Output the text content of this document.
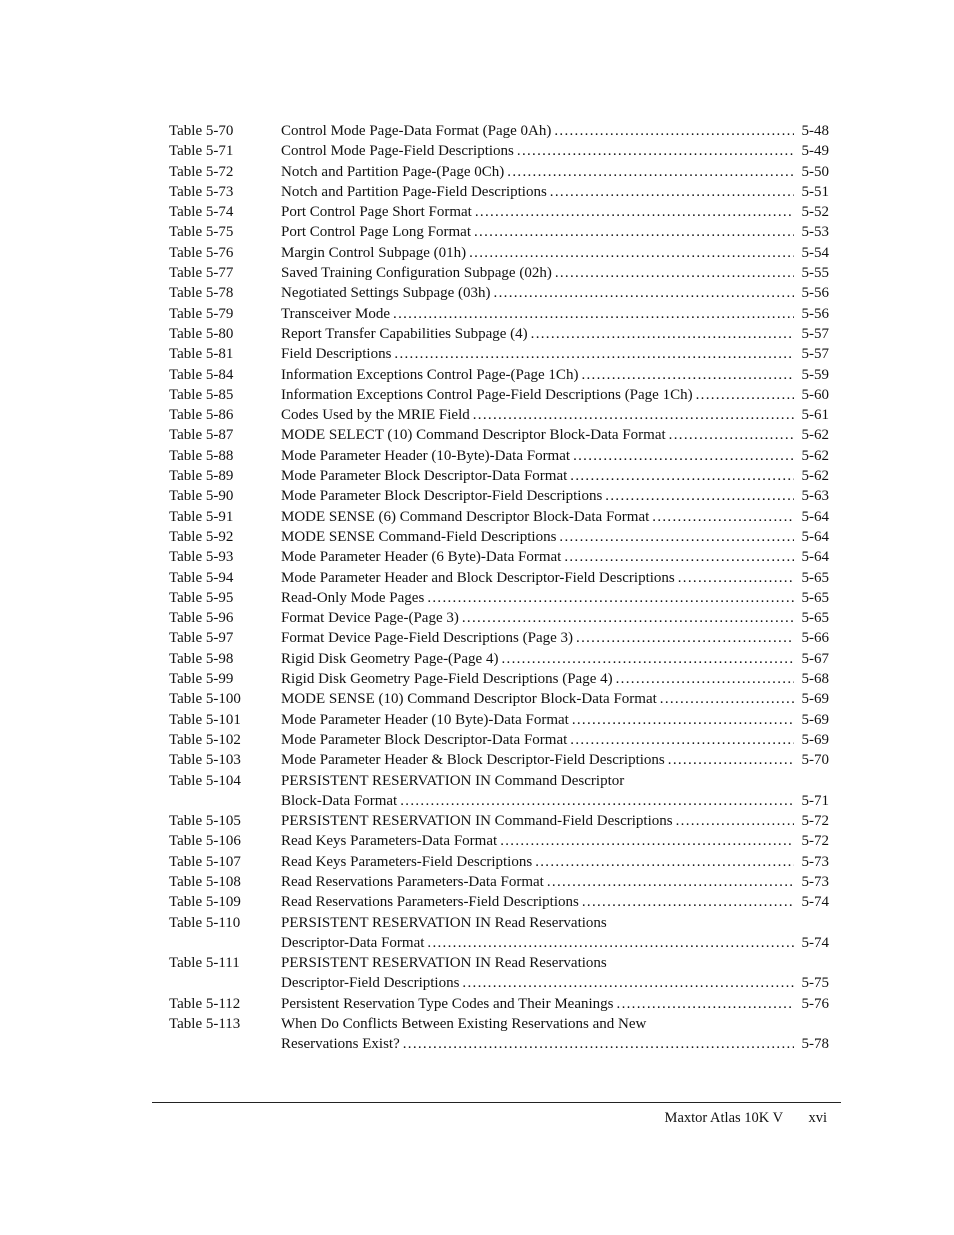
Table 5-70	Control Mode Page-Data Format (Page 0Ah) .....	5-48
Table 5-71	Control Mode Page-Field Descriptions .....	5-49
Table 5-72	Notch and Partition Page-(Page 0Ch) .....	5-50
Table 5-73	Notch and Partition Page-Field Descriptions .....	5-51
Table 5-74	Port Control Page Short Format .....	5-52
Table 5-75	Port Control Page Long Format .....	5-53
Table 5-76	Margin Control Subpage (01h) .....	5-54
Table 5-77	Saved Training Configuration Subpage (02h) .....	5-55
Table 5-78	Negotiated Settings Subpage (03h) .....	5-56
Table 5-79	Transceiver Mode .....	5-56
Table 5-80	Report Transfer Capabilities Subpage (4) .....	5-57
Table 5-81	Field Descriptions .....	5-57
Table 5-84	Information Exceptions Control Page-(Page 1Ch) .....	5-59
Table 5-85	Information Exceptions Control Page-Field Descriptions (Page 1Ch) .....	5-60
Table 5-86	Codes Used by the MRIE Field .....	5-61
Table 5-87	MODE SELECT (10) Command Descriptor Block-Data Format .....	5-62
Table 5-88	Mode Parameter Header (10-Byte)-Data Format .....	5-62
Table 5-89	Mode Parameter Block Descriptor-Data Format .....	5-62
Table 5-90	Mode Parameter Block Descriptor-Field Descriptions .....	5-63
Table 5-91	MODE SENSE (6) Command Descriptor Block-Data Format .....	5-64
Table 5-92	MODE SENSE Command-Field Descriptions .....	5-64
Table 5-93	Mode Parameter Header (6 Byte)-Data Format .....	5-64
Table 5-94	Mode Parameter Header and Block Descriptor-Field Descriptions .....	5-65
Table 5-95	Read-Only Mode Pages .....	5-65
Table 5-96	Format Device Page-(Page 3) .....	5-65
Table 5-97	Format Device Page-Field Descriptions (Page 3) .....	5-66
Table 5-98	Rigid Disk Geometry Page-(Page 4) .....	5-67
Table 5-99	Rigid Disk Geometry Page-Field Descriptions (Page 4) .....	5-68
Table 5-100	MODE SENSE (10) Command Descriptor Block-Data Format .....	5-69
Table 5-101	Mode Parameter Header (10 Byte)-Data Format .....	5-69
Table 5-102	Mode Parameter Block Descriptor-Data Format .....	5-69
Table 5-103	Mode Parameter Header & Block Descriptor-Field Descriptions .....	5-70
Table 5-104	PERSISTENT RESERVATION IN Command Descriptor
Block-Data Format .....	5-71
Table 5-105	PERSISTENT RESERVATION IN Command-Field Descriptions .....	5-72
Table 5-106	Read Keys Parameters-Data Format .....	5-72
Table 5-107	Read Keys Parameters-Field Descriptions .....	5-73
Table 5-108	Read Reservations Parameters-Data Format .....	5-73
Table 5-109	Read Reservations Parameters-Field Descriptions .....	5-74
Table 5-110	PERSISTENT RESERVATION IN Read Reservations
Descriptor-Data Format .....	5-74
Table 5-111	PERSISTENT RESERVATION IN Read Reservations
Descriptor-Field Descriptions .....	5-75
Table 5-112	Persistent Reservation Type Codes and Their Meanings .....	5-76
Table 5-113	When Do Conflicts Between Existing Reservations and New
Reservations Exist? .....	5-78
Maxtor Atlas 10K V xvi
